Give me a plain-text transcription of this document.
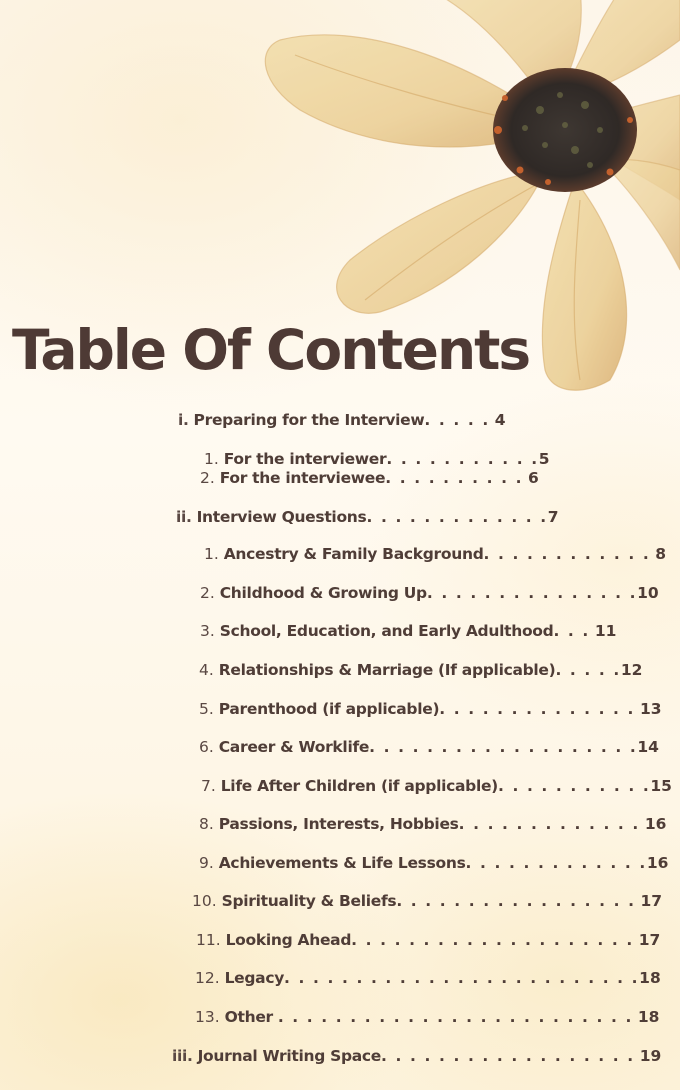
Table Of Contents
i. Preparing for the Interview. . . . . 4
1. For the interviewer. . . . . . . . . . .5
2. For the interviewee. . . . . . . . . . 6
ii. Interview Questions. . . . . . . . . . . . .7
1. Ancestry & Family Background. . . . . . . . . . . . 8
2. Childhood & Growing Up. . . . . . . . . . . . . . .10
3. School, Education, and Early Adulthood. . . 11
4. Relationships & Marriage (If applicable). . . . .12
5. Parenthood (if applicable). . . . . . . . . . . . . . 13
6. Career & Worklife. . . . . . . . . . . . . . . . . . .14
7. Life After Children (if applicable). . . . . . . . . . .15
8. Passions, Interests, Hobbies. . . . . . . . . . . . . 16
9. Achievements & Life Lessons. . . . . . . . . . . . .16
10. Spirituality & Beliefs. . . . . . . . . . . . . . . . . 17
11. Looking Ahead. . . . . . . . . . . . . . . . . . . . 17
12. Legacy. . . . . . . . . . . . . . . . . . . . . . . . .18
13. Other . . . . . . . . . . . . . . . . . . . . . . . . . 18
iii. Journal Writing Space. . . . . . . . . . . . . . . . . . 19
